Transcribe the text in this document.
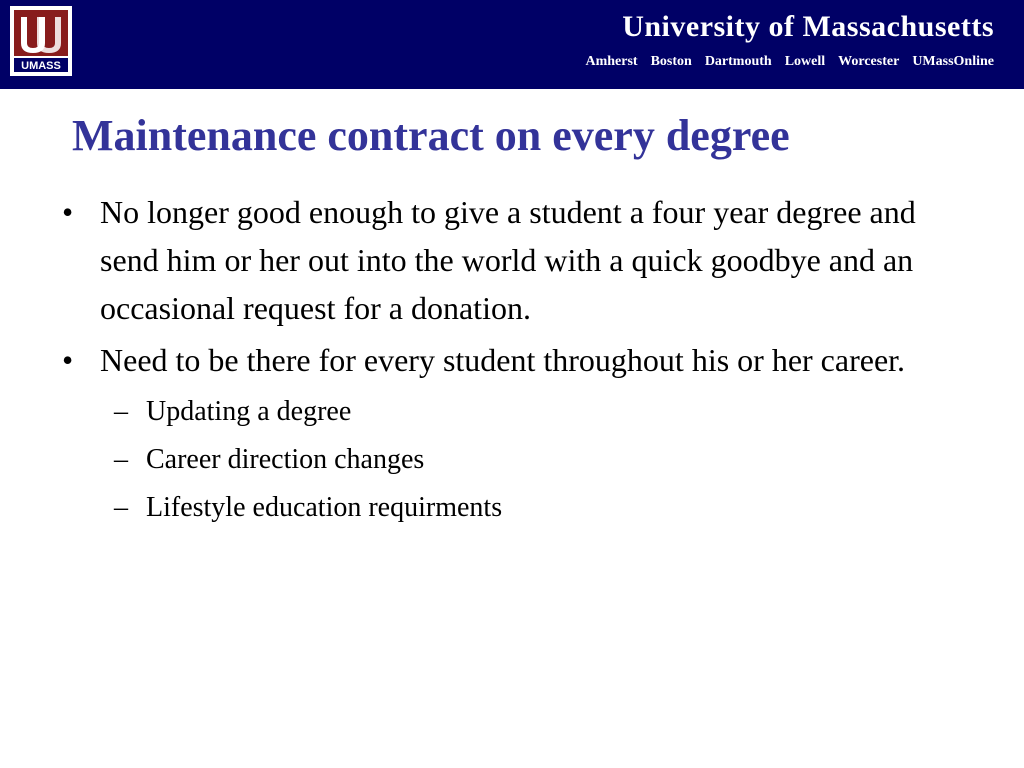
UMASS
University of Massachusetts
Amherst Boston Dartmouth Lowell Worcester UMassOnline
Maintenance contract on every degree
• No longer good enough to give a student a four year degree and send him or her out into the world with a quick goodbye and an occasional request for a donation.
• Need to be there for every student throughout his or her career.
– Updating a degree
– Career direction changes
– Lifestyle education requirments
